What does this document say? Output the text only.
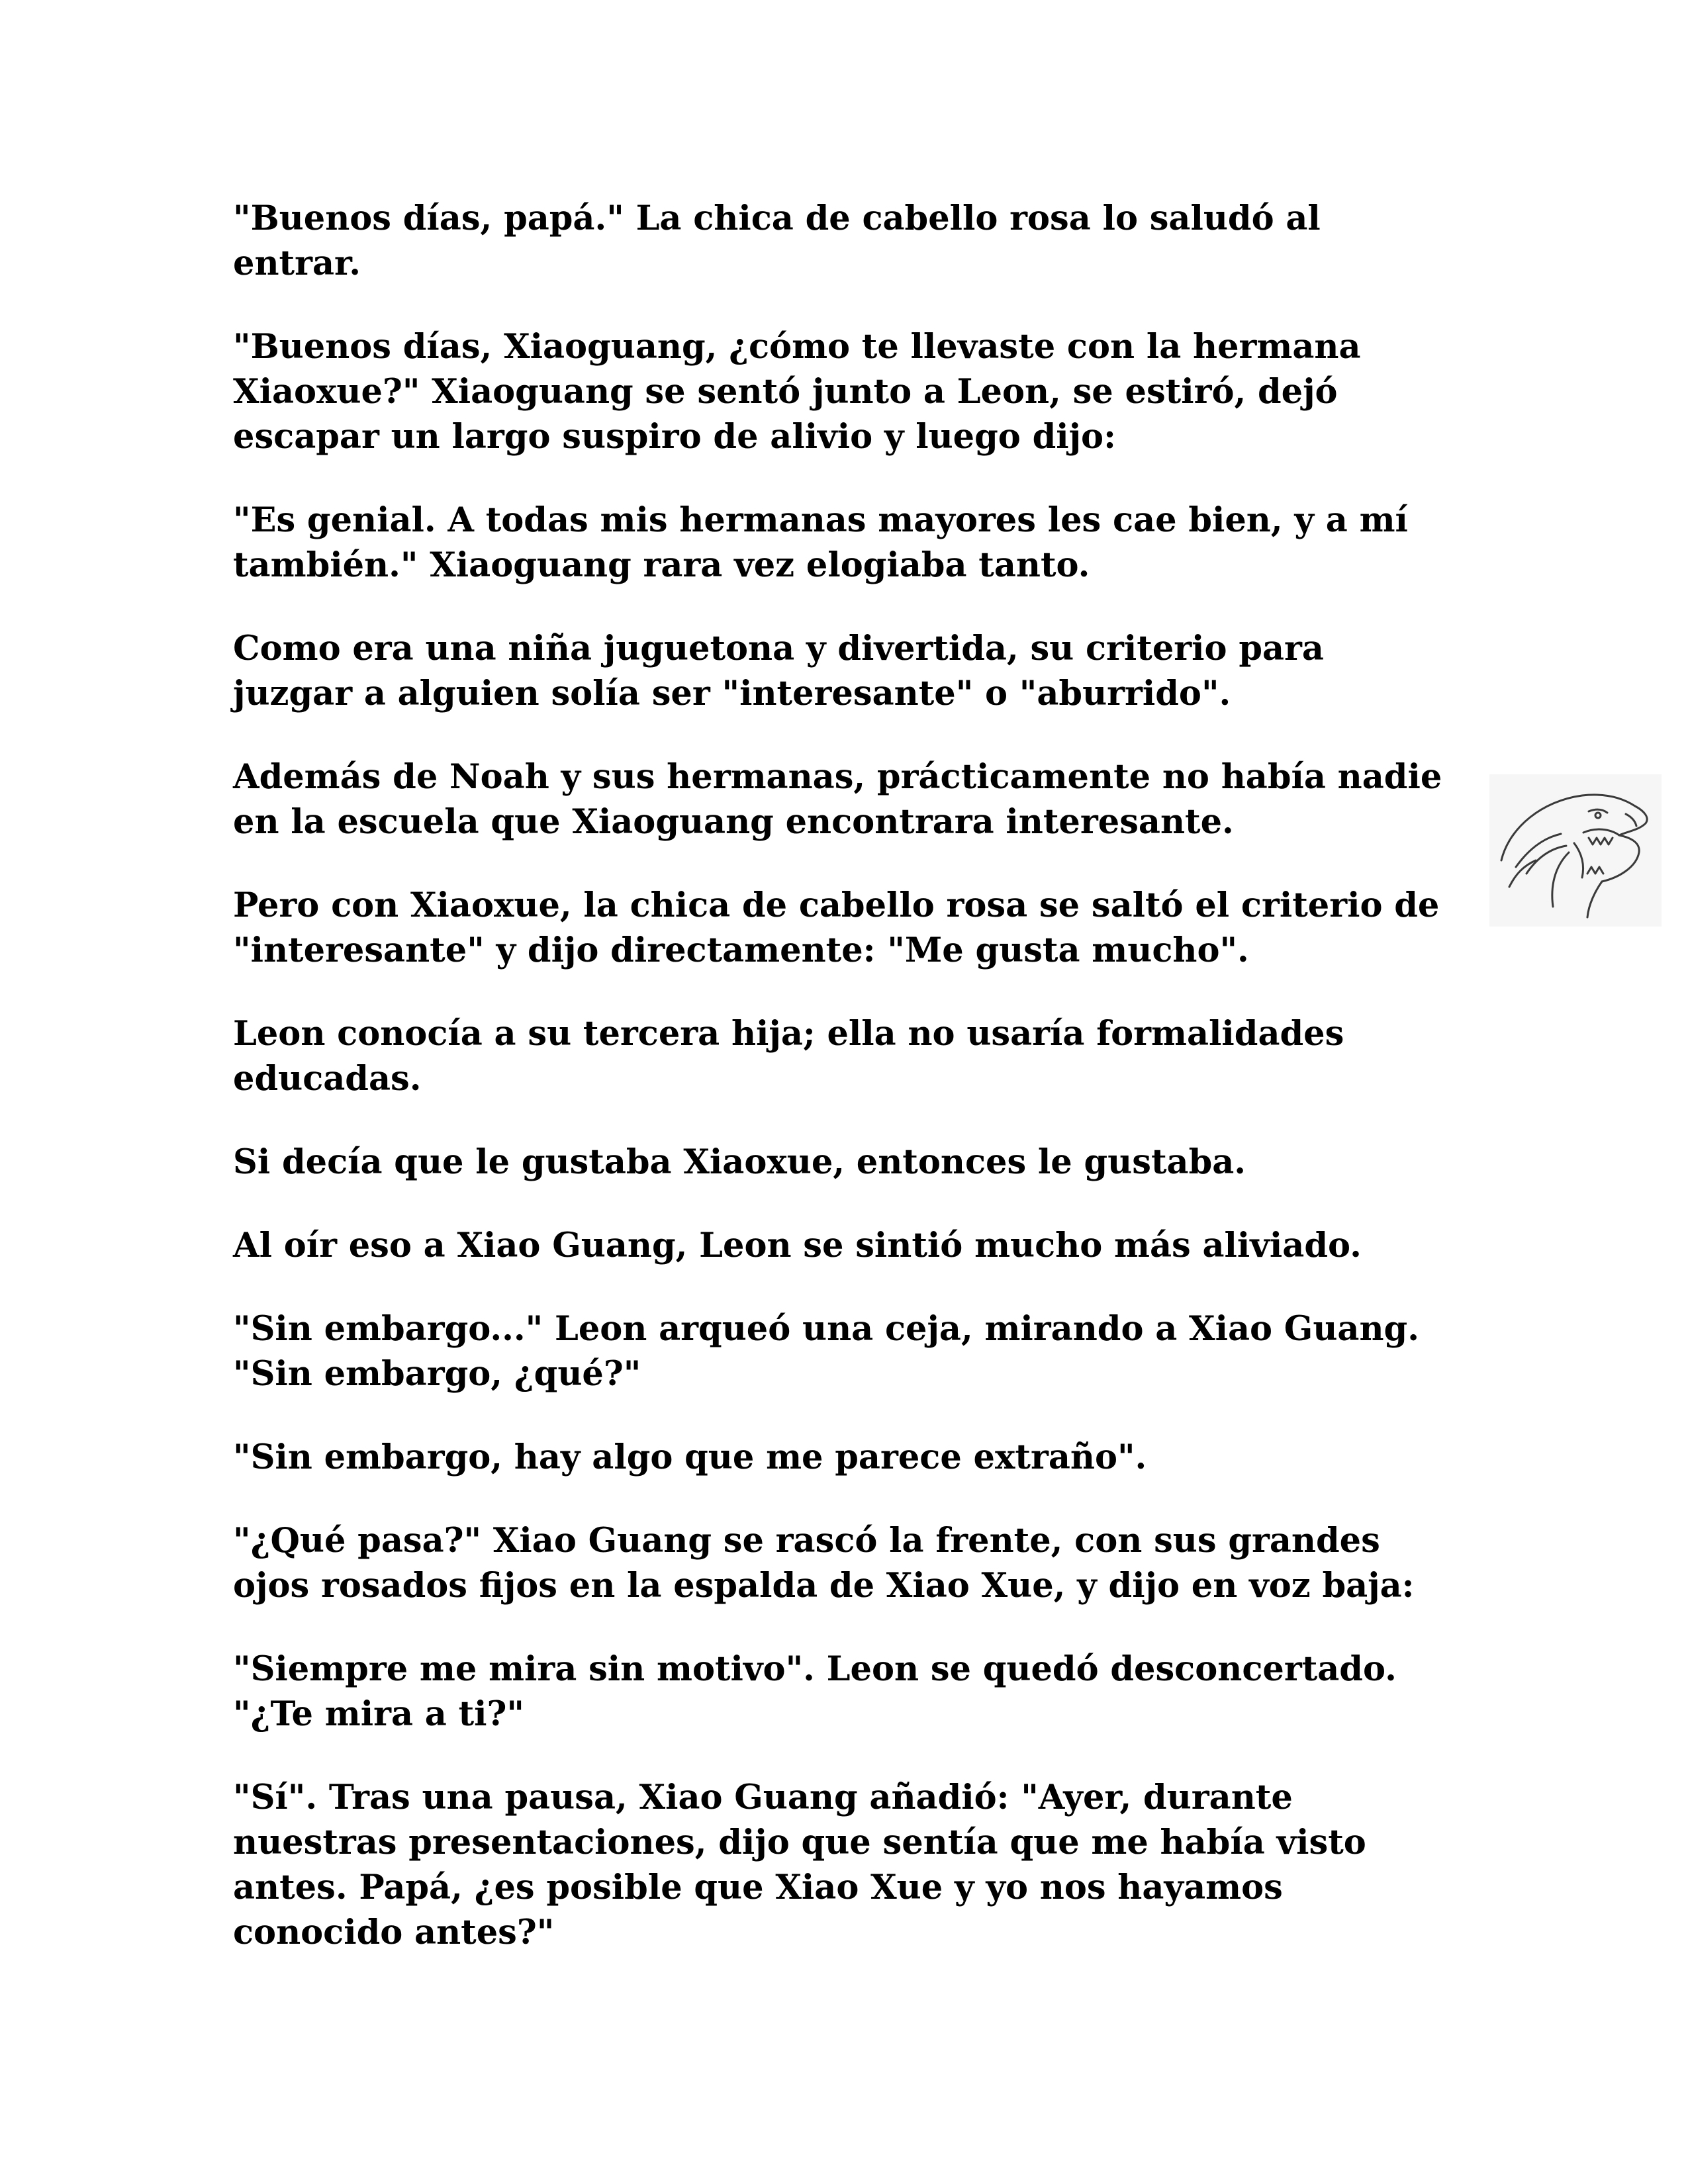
"Buenos días, papá." La chica de cabello rosa lo saludó al entrar.

"Buenos días, Xiaoguang, ¿cómo te llevaste con la hermana Xiaoxue?" Xiaoguang se sentó junto a Leon, se estiró, dejó escapar un largo suspiro de alivio y luego dijo:

"Es genial. A todas mis hermanas mayores les cae bien, y a mí también." Xiaoguang rara vez elogiaba tanto.

Como era una niña juguetona y divertida, su criterio para juzgar a alguien solía ser "interesante" o "aburrido".

Además de Noah y sus hermanas, prácticamente no había nadie en la escuela que Xiaoguang encontrara interesante.

Pero con Xiaoxue, la chica de cabello rosa se saltó el criterio de "interesante" y dijo directamente: "Me gusta mucho".

Leon conocía a su tercera hija; ella no usaría formalidades educadas.

Si decía que le gustaba Xiaoxue, entonces le gustaba.

Al oír eso a Xiao Guang, Leon se sintió mucho más aliviado.

"Sin embargo..." Leon arqueó una ceja, mirando a Xiao Guang. "Sin embargo, ¿qué?"

"Sin embargo, hay algo que me parece extraño".

"¿Qué pasa?" Xiao Guang se rascó la frente, con sus grandes ojos rosados fijos en la espalda de Xiao Xue, y dijo en voz baja:

"Siempre me mira sin motivo". Leon se quedó desconcertado. "¿Te mira a ti?"

"Sí". Tras una pausa, Xiao Guang añadió: "Ayer, durante nuestras presentaciones, dijo que sentía que me había visto antes. Papá, ¿es posible que Xiao Xue y yo nos hayamos conocido antes?"
